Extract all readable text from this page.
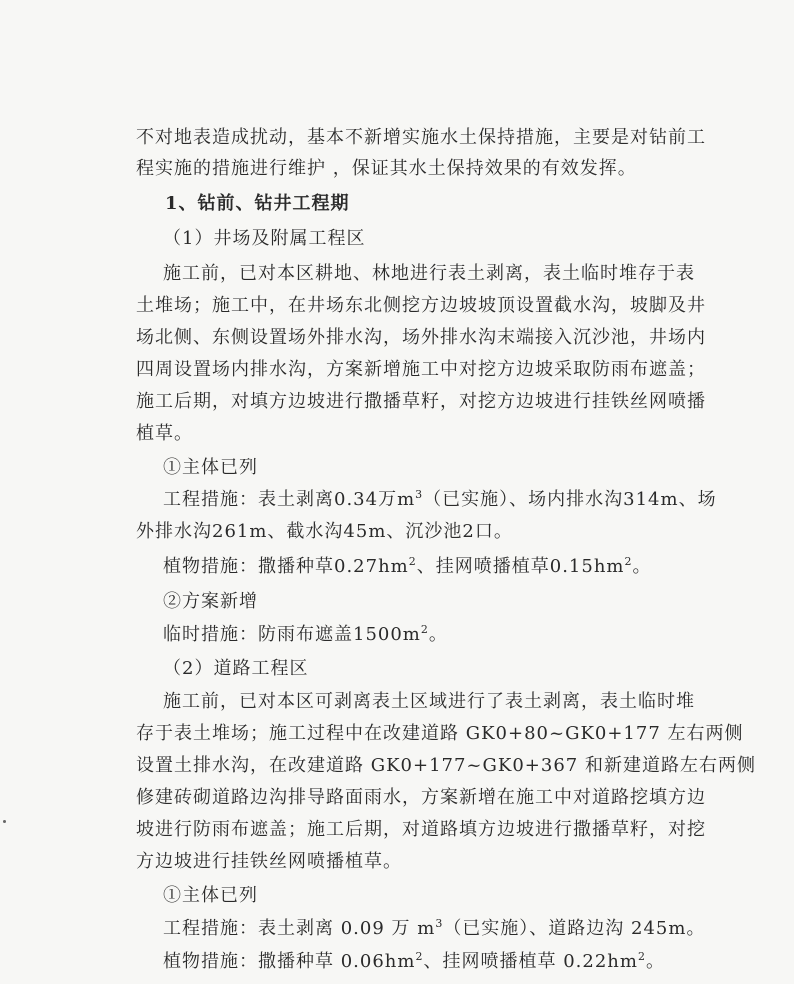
不对地表造成扰动，基本不新增实施水土保持措施，主要是对钻前工
程实施的措施进行维护 ，保证其水土保持效果的有效发挥。
1、钻前、钻井工程期
（1）井场及附属工程区
施工前，已对本区耕地、林地进行表土剥离，表土临时堆存于表
土堆场；施工中，在井场东北侧挖方边坡坡顶设置截水沟，坡脚及井
场北侧、东侧设置场外排水沟，场外排水沟末端接入沉沙池，井场内
四周设置场内排水沟，方案新增施工中对挖方边坡采取防雨布遮盖；
施工后期，对填方边坡进行撒播草籽，对挖方边坡进行挂铁丝网喷播
植草。
①主体已列
工程措施：表土剥离0.34万$m^3$（已实施）、场内排水沟314m、场
外排水沟261m、截水沟45m、沉沙池2口。
植物措施：撒播种草$0.27hm^2$、挂网喷播植草$0.15hm^2$。
②方案新增
临时措施：防雨布遮盖$1500m^2$。
（2）道路工程区
施工前，已对本区可剥离表土区域进行了表土剥离，表土临时堆
存于表土堆场；施工过程中在改建道路 GK0+80~GK0+177 左右两侧
设置土排水沟，在改建道路 GK0+177~GK0+367 和新建道路左右两侧
修建砖砌道路边沟排导路面雨水，方案新增在施工中对道路挖填方边
坡进行防雨布遮盖；施工后期，对道路填方边坡进行撒播草籽，对挖
方边坡进行挂铁丝网喷播植草。
①主体已列
工程措施：表土剥离 0.09 万 $m^3$（已实施）、道路边沟 245m。
植物措施：撒播种草 $0.06hm^2$、挂网喷播植草 $0.22hm^2$。
